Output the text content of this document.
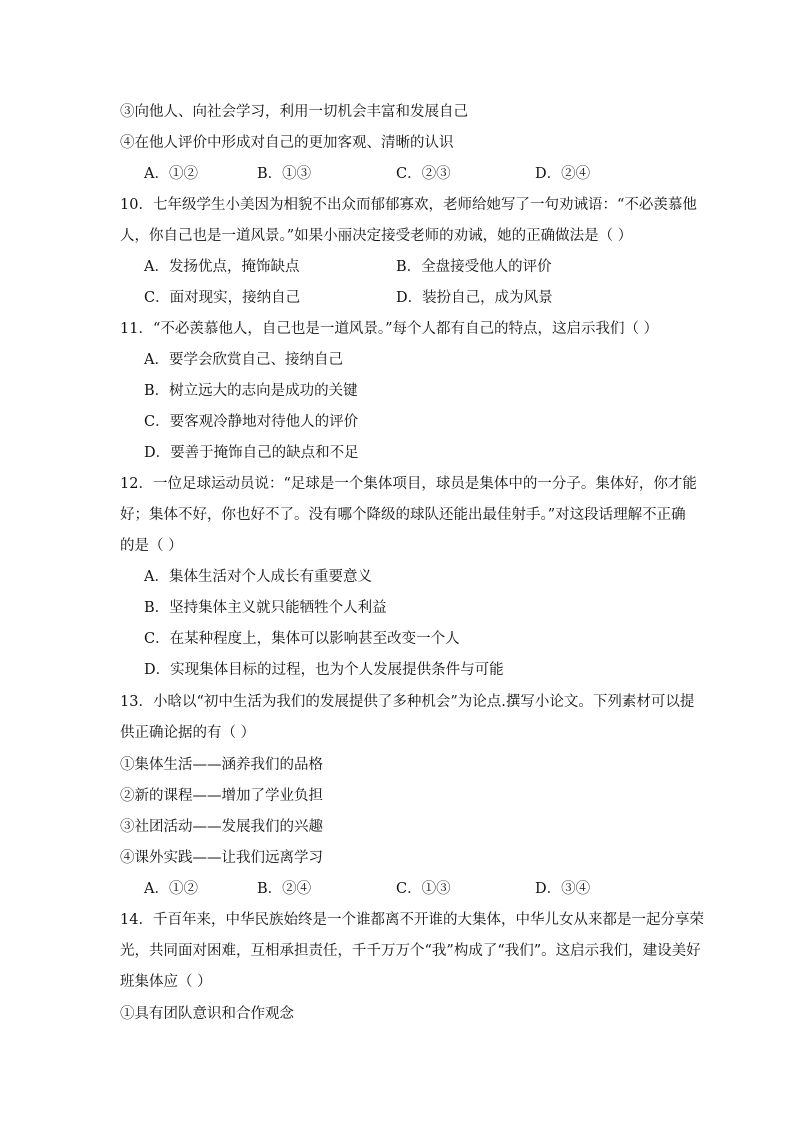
③向他人、向社会学习，利用一切机会丰富和发展自己
④在他人评价中形成对自己的更加客观、清晰的认识
A．①②	B．①③	C．②③	D．②④
10．七年级学生小美因为相貌不出众而郁郁寡欢，老师给她写了一句劝诫语：“不必羡慕他
人，你自己也是一道风景。”如果小丽决定接受老师的劝诫，她的正确做法是（ ）
A．发扬优点，掩饰缺点	B．全盘接受他人的评价
C．面对现实，接纳自己	D．装扮自己，成为风景
11．“不必羡慕他人，自己也是一道风景。”每个人都有自己的特点，这启示我们（ ）
A．要学会欣赏自己、接纳自己
B．树立远大的志向是成功的关键
C．要客观冷静地对待他人的评价
D．要善于掩饰自己的缺点和不足
12．一位足球运动员说：“足球是一个集体项目，球员是集体中的一分子。集体好，你才能
好；集体不好，你也好不了。没有哪个降级的球队还能出最佳射手。”对这段话理解不正确
的是（ ）
A．集体生活对个人成长有重要意义
B．坚持集体主义就只能牺牲个人利益
C．在某种程度上，集体可以影响甚至改变一个人
D．实现集体目标的过程，也为个人发展提供条件与可能
13．小晗以“初中生活为我们的发展提供了多种机会”为论点.撰写小论文。下列素材可以提
供正确论据的有（ ）
①集体生活——涵养我们的品格
②新的课程——增加了学业负担
③社团活动——发展我们的兴趣
④课外实践——让我们远离学习
A．①②	B．②④	C．①③	D．③④
14．千百年来，中华民族始终是一个谁都离不开谁的大集体，中华儿女从来都是一起分享荣
光，共同面对困难，互相承担责任，千千万万个“我”构成了“我们”。这启示我们，建设美好
班集体应（ ）
①具有团队意识和合作观念
